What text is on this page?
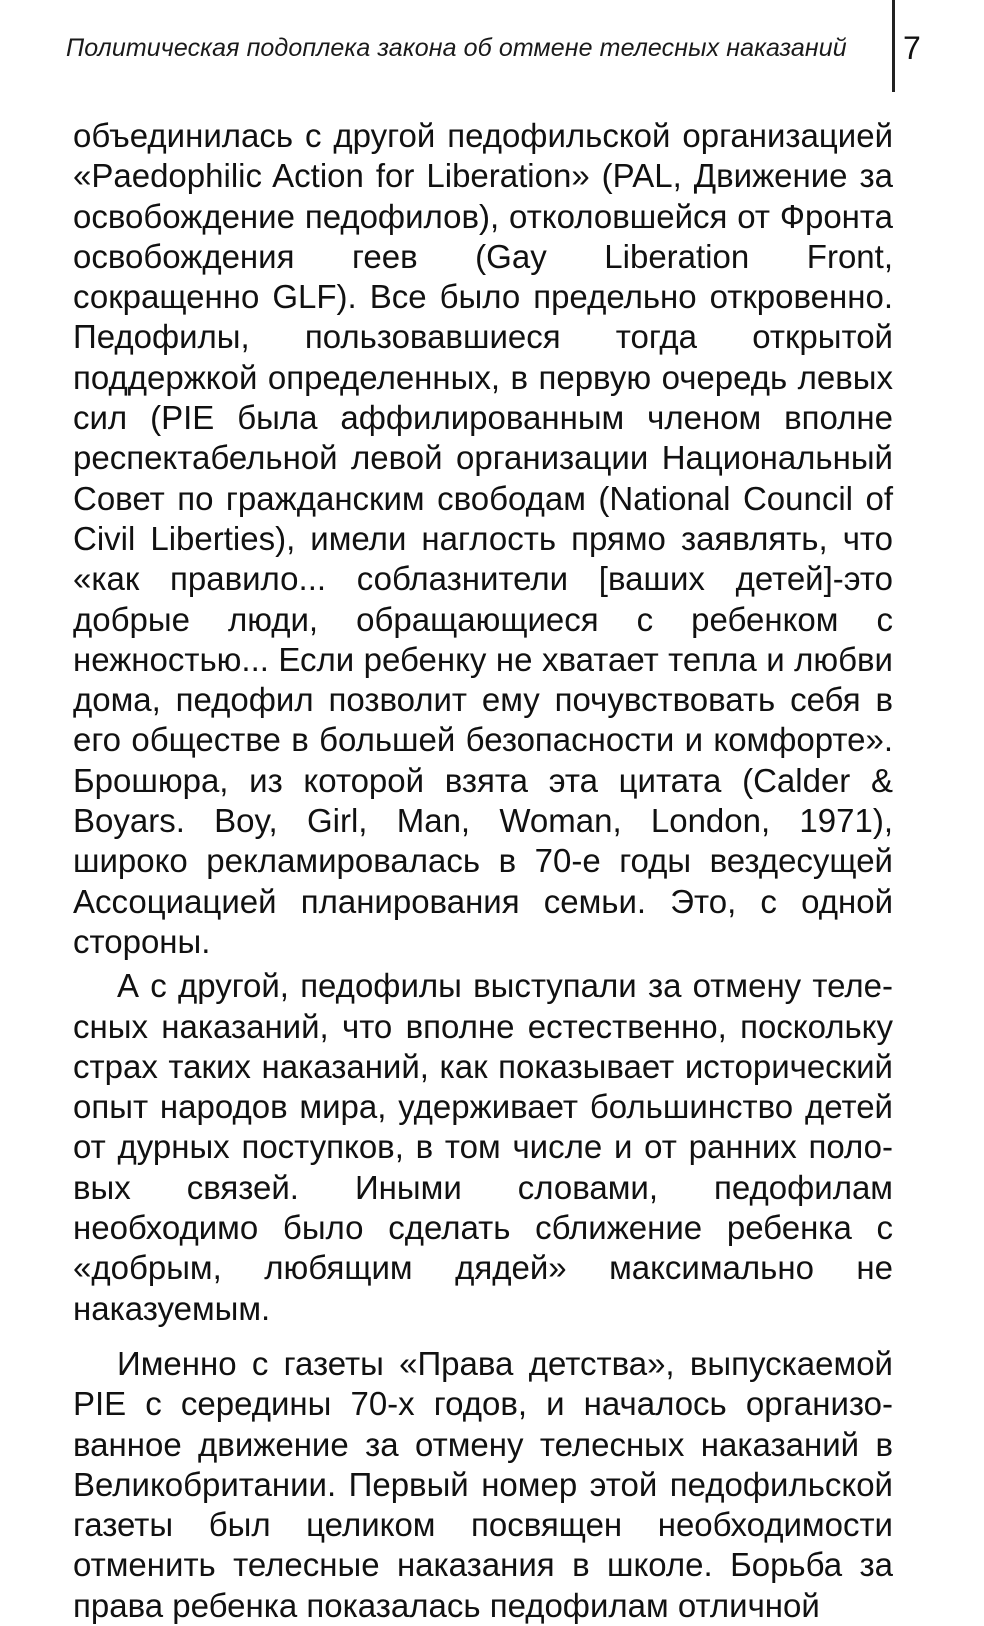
Политическая подоплека закона об отмене телесных наказаний	7

объединилась с другой педофильской организацией «Paedophilic Action for Liberation» (PAL, Движение за освобождение педофилов), отколовшейся от Фронта освобождения геев (Gay Liberation Front, сокращенно GLF). Все было предельно откровенно. Педофилы, пользовавшиеся тогда открытой поддержкой определенных, в первую очередь левых сил (PIE была аффилированным членом вполне респектабельной левой организации Национальный Совет по гражданским свободам (National Council of Civil Liberties), имели наглость прямо заявлять, что «как правило... соблазнители [ваших детей]‑это добрые люди, обращающиеся с ребенком с нежностью... Если ребенку не хватает тепла и любви дома, педофил позволит ему почувствовать себя в его обществе в большей безопасности и комфорте». Брошюра, из которой взята эта цитата (Calder & Boyars. Boy, Girl, Man, Woman, London, 1971), широко рекламировалась в 70‑е годы вездесущей Ассоциацией планирования семьи. Это, с одной стороны.

А с другой, педофилы выступали за отмену телесных наказаний, что вполне естественно, поскольку страх таких наказаний, как показывает исторический опыт народов мира, удерживает большинство детей от дурных поступков, в том числе и от ранних половых связей. Иными словами, педофилам необходимо было сделать сближение ребенка с «добрым, любящим дядей» максимально не наказуемым.

Именно с газеты «Права детства», выпускаемой PIE с середины 70‑х годов, и началось организованное движение за отмену телесных наказаний в Великобритании. Первый номер этой педофильской газеты был целиком посвящен необходимости отменить телесные наказания в школе. Борьба за права ребенка показалась педофилам отличной
